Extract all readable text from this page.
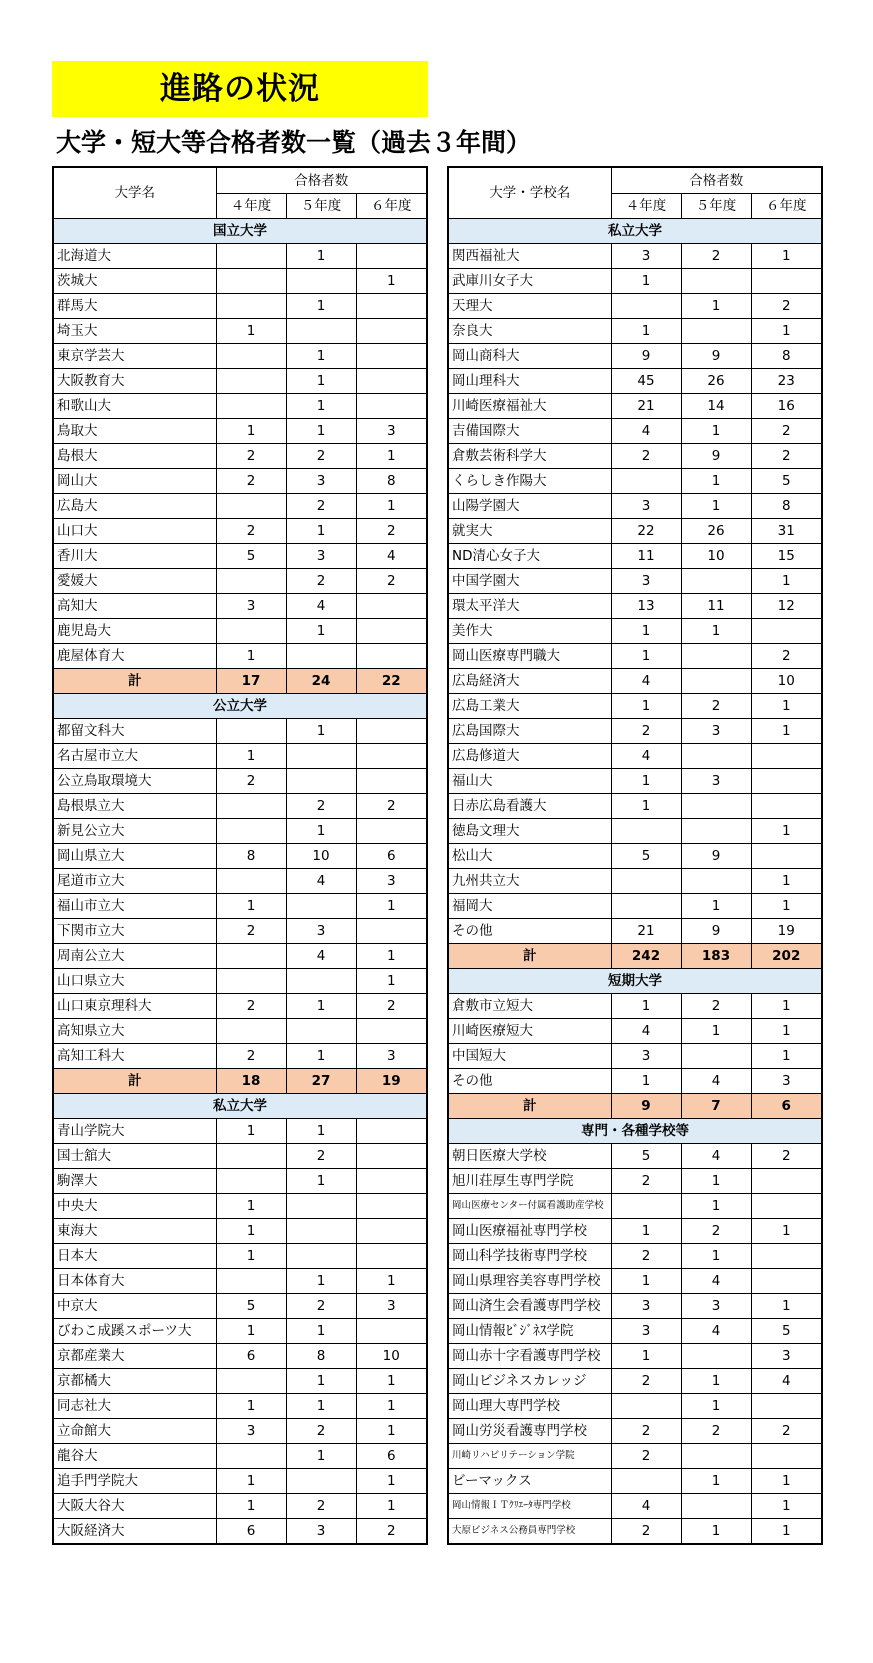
進路の状況
大学・短大等合格者数一覧（過去３年間）
大学名	合格者数		
	４年度	５年度	６年度
国立大学			
北海道大		1	
茨城大			1
群馬大		1	
埼玉大	1		
東京学芸大		1	
大阪教育大		1	
和歌山大		1	
鳥取大	1	1	3
島根大	2	2	1
岡山大	2	3	8
広島大		2	1
山口大	2	1	2
香川大	5	3	4
愛媛大		2	2
高知大	3	4	
鹿児島大		1	
鹿屋体育大	1		
計	17	24	22
公立大学			
都留文科大		1	
名古屋市立大	1		
公立鳥取環境大	2		
島根県立大		2	2
新見公立大		1	
岡山県立大	8	10	6
尾道市立大		4	3
福山市立大	1		1
下関市立大	2	3	
周南公立大		4	1
山口県立大			1
山口東京理科大	2	1	2
高知県立大			
高知工科大	2	1	3
計	18	27	19
私立大学			
青山学院大	1	1	
国士舘大		2	
駒澤大		1	
中央大	1		
東海大	1		
日本大	1		
日本体育大		1	1
中京大	5	2	3
びわこ成蹊スポーツ大	1	1	
京都産業大	6	8	10
京都橘大		1	1
同志社大	1	1	1
立命館大	3	2	1
龍谷大		1	6
追手門学院大	1		1
大阪大谷大	1	2	1
大阪経済大	6	3	2
大学・学校名	合格者数		
	４年度	５年度	６年度
私立大学			
関西福祉大	3	2	1
武庫川女子大	1		
天理大		1	2
奈良大	1		1
岡山商科大	9	9	8
岡山理科大	45	26	23
川崎医療福祉大	21	14	16
吉備国際大	4	1	2
倉敷芸術科学大	2	9	2
くらしき作陽大		1	5
山陽学園大	3	1	8
就実大	22	26	31
ND清心女子大	11	10	15
中国学園大	3		1
環太平洋大	13	11	12
美作大	1	1	
岡山医療専門職大	1		2
広島経済大	4		10
広島工業大	1	2	1
広島国際大	2	3	1
広島修道大	4		
福山大	1	3	
日赤広島看護大	1		
徳島文理大			1
松山大	5	9	
九州共立大			1
福岡大		1	1
その他	21	9	19
計	242	183	202
短期大学			
倉敷市立短大	1	2	1
川崎医療短大	4	1	1
中国短大	3		1
その他	1	4	3
計	9	7	6
専門・各種学校等			
朝日医療大学校	5	4	2
旭川荘厚生専門学院	2	1	
岡山医療センター付属看護助産学校		1	
岡山医療福祉専門学校	1	2	1
岡山科学技術専門学校	2	1	
岡山県理容美容専門学校	1	4	
岡山済生会看護専門学校	3	3	1
岡山情報ﾋﾞｼﾞﾈｽ学院	3	4	5
岡山赤十字看護専門学校	1		3
岡山ビジネスカレッジ	2	1	4
岡山理大専門学校		1	
岡山労災看護専門学校	2	2	2
川崎リハビリテーション学院	2		
ビーマックス		1	1
岡山情報ＩＴｸﾘｴｰﾀ専門学校	4		1
大原ビジネス公務員専門学校	2	1	1
